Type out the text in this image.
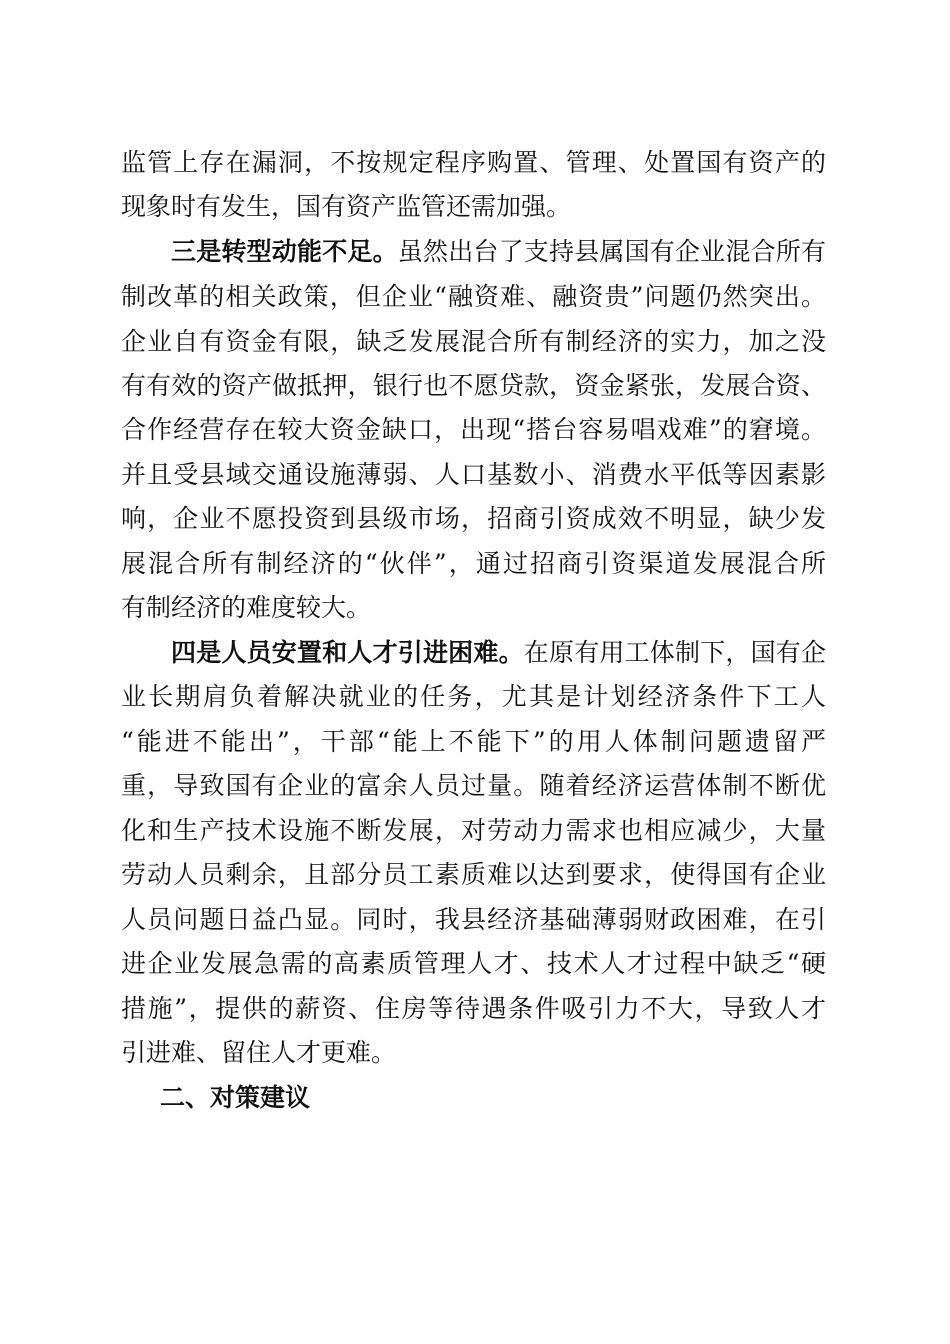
监管上存在漏洞，不按规定程序购置、管理、处置国有资产的
现象时有发生，国有资产监管还需加强。
三是转型动能不足。虽然出台了支持县属国有企业混合所有
制改革的相关政策，但企业“融资难、融资贵”问题仍然突出。
企业自有资金有限，缺乏发展混合所有制经济的实力，加之没
有有效的资产做抵押，银行也不愿贷款，资金紧张，发展合资、
合作经营存在较大资金缺口，出现“搭台容易唱戏难”的窘境。
并且受县域交通设施薄弱、人口基数小、消费水平低等因素影
响，企业不愿投资到县级市场，招商引资成效不明显，缺少发
展混合所有制经济的“伙伴”，通过招商引资渠道发展混合所
有制经济的难度较大。
四是人员安置和人才引进困难。在原有用工体制下，国有企
业长期肩负着解决就业的任务，尤其是计划经济条件下工人
“能进不能出”，干部“能上不能下”的用人体制问题遗留严
重，导致国有企业的富余人员过量。随着经济运营体制不断优
化和生产技术设施不断发展，对劳动力需求也相应减少，大量
劳动人员剩余，且部分员工素质难以达到要求，使得国有企业
人员问题日益凸显。同时，我县经济基础薄弱财政困难，在引
进企业发展急需的高素质管理人才、技术人才过程中缺乏“硬
措施”，提供的薪资、住房等待遇条件吸引力不大，导致人才
引进难、留住人才更难。
二、对策建议
